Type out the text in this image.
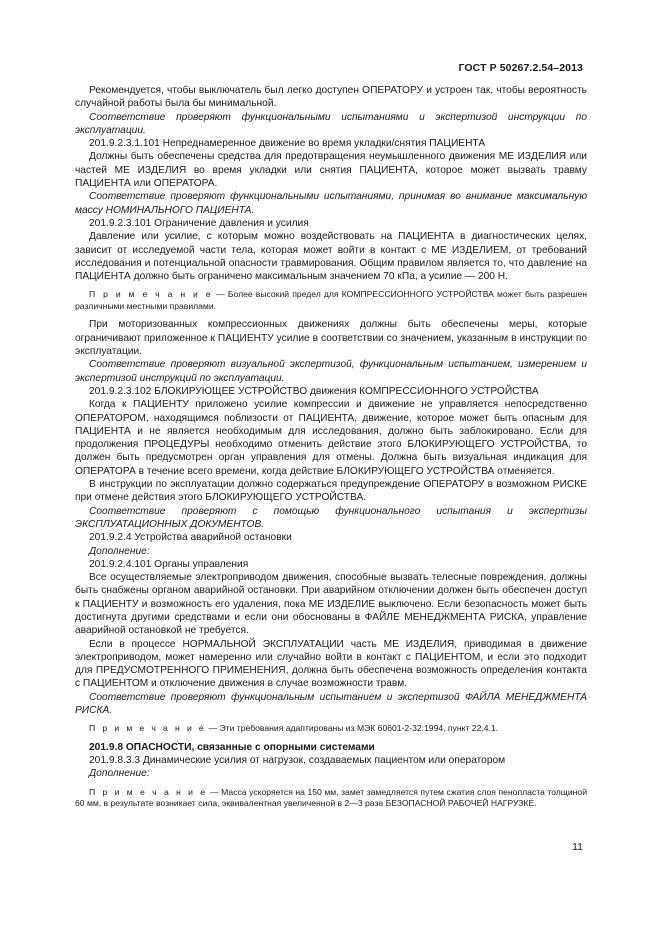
ГОСТ Р 50267.2.54–2013

Рекомендуется, чтобы выключатель был легко доступен ОПЕРАТОРУ и устроен так, чтобы вероятность случайной работы была бы минимальной.

Соответствие проверяют функциональными испытаниями и экспертизой инструкции по эксплуатации.

201.9.2.3.1.101 Непреднамеренное движение во время укладки/снятия ПАЦИЕНТА

Должны быть обеспечены средства для предотвращения неумышленного движения МЕ ИЗДЕЛИЯ или частей МЕ ИЗДЕЛИЯ во время укладки или снятия ПАЦИЕНТА, которое может вызвать травму ПАЦИЕНТА или ОПЕРАТОРА.

Соответствие проверяют функциональными испытаниями, принимая во внимание максимальную массу НОМИНАЛЬНОГО ПАЦИЕНТА.

201.9.2.3.101 Ограничение давления и усилия

Давление или усилие, с которым можно воздействовать на ПАЦИЕНТА в диагностических целях, зависит от исследуемой части тела, которая может войти в контакт с МЕ ИЗДЕЛИЕМ, от требований исследования и потенциальной опасности травмирования. Общим правилом является то, что давление на ПАЦИЕНТА должно быть ограничено максимальным значением 70 кПа, а усилие — 200 Н.

П р и м е ч а н и е — Более высокий предел для КОМПРЕССИОННОГО УСТРОЙСТВА может быть разрешен различными местными правилами.

При моторизованных компрессионных движениях должны быть обеспечены меры, которые ограничивают приложенное к ПАЦИЕНТУ усилие в соответствии со значением, указанным в инструкции по эксплуатации.

Соответствие проверяют визуальной экспертизой, функциональным испытанием, измерением и экспертизой инструкций по эксплуатации.

201.9.2.3.102 БЛОКИРУЮЩЕЕ УСТРОЙСТВО движения КОМПРЕССИОННОГО УСТРОЙСТВА

Когда к ПАЦИЕНТУ приложено усилие компрессии и движение не управляется непосредственно ОПЕРАТОРОМ, находящимся поблизости от ПАЦИЕНТА, движение, которое может быть опасным для ПАЦИЕНТА и не является необходимым для исследования, должно быть заблокировано. Если для продолжения ПРОЦЕДУРЫ необходимо отменить действие этого БЛОКИРУЮЩЕГО УСТРОЙСТВА, то должен быть предусмотрен орган управления для отмены. Должна быть визуальная индикация для ОПЕРАТОРА в течение всего времени, когда действие БЛОКИРУЮЩЕГО УСТРОЙСТВА отменяется.

В инструкции по эксплуатации должно содержаться предупреждение ОПЕРАТОРУ в возможном РИСКЕ при отмене действия этого БЛОКИРУЮЩЕГО УСТРОЙСТВА.

Соответствие проверяют с помощью функционального испытания и экспертизы ЭКСПЛУАТАЦИОННЫХ ДОКУМЕНТОВ.

201.9.2.4 Устройства аварийной остановки

Дополнение:

201.9.2.4.101 Органы управления

Все осуществляемые электроприводом движения, способные вызвать телесные повреждения, должны быть снабжены органом аварийной остановки. При аварийном отключении должен быть обеспечен доступ к ПАЦИЕНТУ и возможность его удаления, пока МЕ ИЗДЕЛИЕ выключено. Если безопасность может быть достигнута другими средствами и если они обоснованы в ФАЙЛЕ МЕНЕДЖМЕНТА РИСКА, управление аварийной остановкой не требуется.

Если в процессе НОРМАЛЬНОЙ ЭКСПЛУАТАЦИИ часть МЕ ИЗДЕЛИЯ, приводимая в движение электроприводом, может намеренно или случайно войти в контакт с ПАЦИЕНТОМ, и если это подходит для ПРЕДУСМОТРЕННОГО ПРИМЕНЕНИЯ, должна быть обеспечена возможность определения контакта с ПАЦИЕНТОМ и отключение движения в случае возможности травм.

Соответствие проверяют функциональным испытанием и экспертизой ФАЙЛА МЕНЕДЖМЕНТА РИСКА.

П р и м е ч а н и е — Эти требования адаптированы из МЭК 60601-2-32:1994, пункт 22.4.1.

201.9.8 ОПАСНОСТИ, связанные с опорными системами

201.9.8.3.3 Динамические усилия от нагрузок, создаваемых пациентом или оператором

Дополнение:

П р и м е ч а н и е — Масса ускоряется на 150 мм, замет замедляется путем сжатия слоя пенопласта толщиной 60 мм, в результате возникает сила, эквивалентная увеличенной в 2—3 раза БЕЗОПАСНОЙ РАБОЧЕЙ НАГРУЗКЕ.

11
